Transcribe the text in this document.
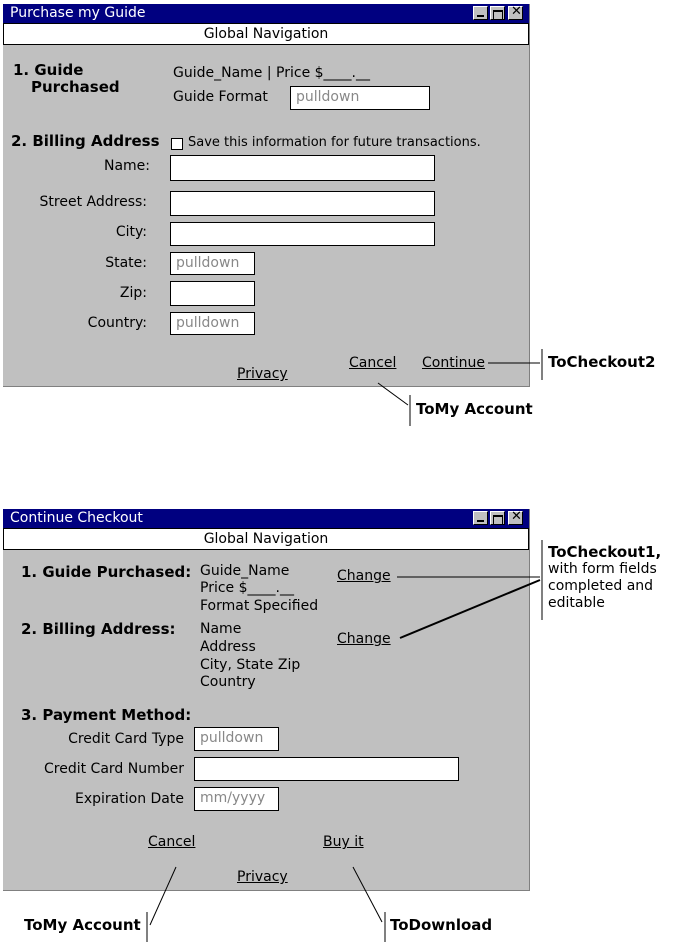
Purchase my Guide	✕
Global Navigation
1. Guide
Purchased
Guide_Name | Price $____.__
Guide Format	pulldown
2. Billing Address Save this information for future transactions.
Name:
Street Address:
City:
State:	pulldown
Zip:
Country:	pulldown
Cancel Continue
Privacy
Continue Checkout	✕
Global Navigation
1. Guide Purchased: Guide_Name
Price $____.__
Format Specified
Change
2. Billing Address: Name
Address
City, State Zip
Country
Change
3. Payment Method:
Credit Card Type	pulldown
Credit Card Number
Expiration Date	mm/yyyy
Cancel	Buy it
Privacy
ToCheckout2
ToMy Account
ToCheckout1,
with form fields
completed and
editable
ToMy Account	ToDownload
